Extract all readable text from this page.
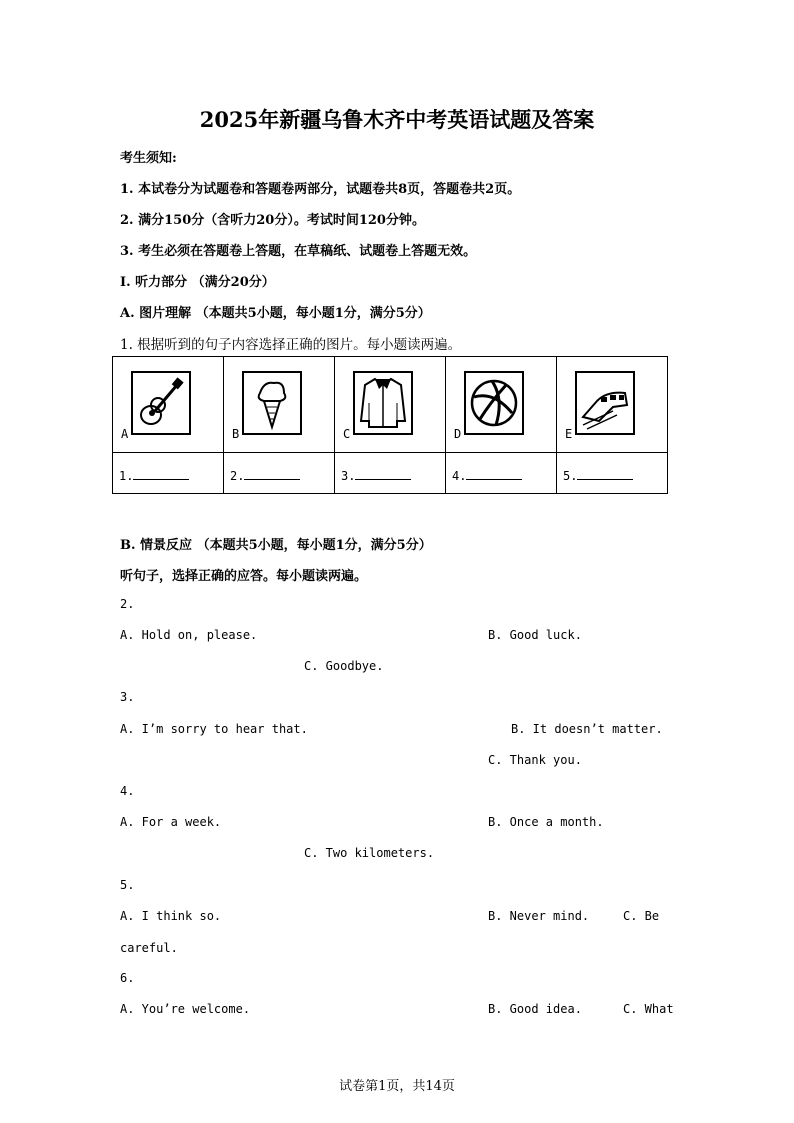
2025年新疆乌鲁木齐中考英语试题及答案
考生须知:
1. 本试卷分为试题卷和答题卷两部分，试题卷共8页，答题卷共2页。
2. 满分150分（含听力20分）。考试时间120分钟。
3. 考生必须在答题卷上答题，在草稿纸、试题卷上答题无效。
I. 听力部分 （满分20分）
A. 图片理解 （本题共5小题，每小题1分，满分5分）
1. 根据听到的句子内容选择正确的图片。每小题读两遍。
A	B	C	D	E

1.	2.	3.	4.	5.
B. 情景反应 （本题共5小题，每小题1分，满分5分）
听句子，选择正确的应答。每小题读两遍。
2.
A. Hold on, please.	B. Good luck.
C. Goodbye.
3.
A. I’m sorry to hear that.	B. It doesn’t matter.
C. Thank you.
4.
A. For a week.	B. Once a month.
C. Two kilometers.
5.
A. I think so.	B. Never mind.	C. Be
careful.
6.
A. You’re welcome.	B. Good idea.	C. What
试卷第1页，共14页
